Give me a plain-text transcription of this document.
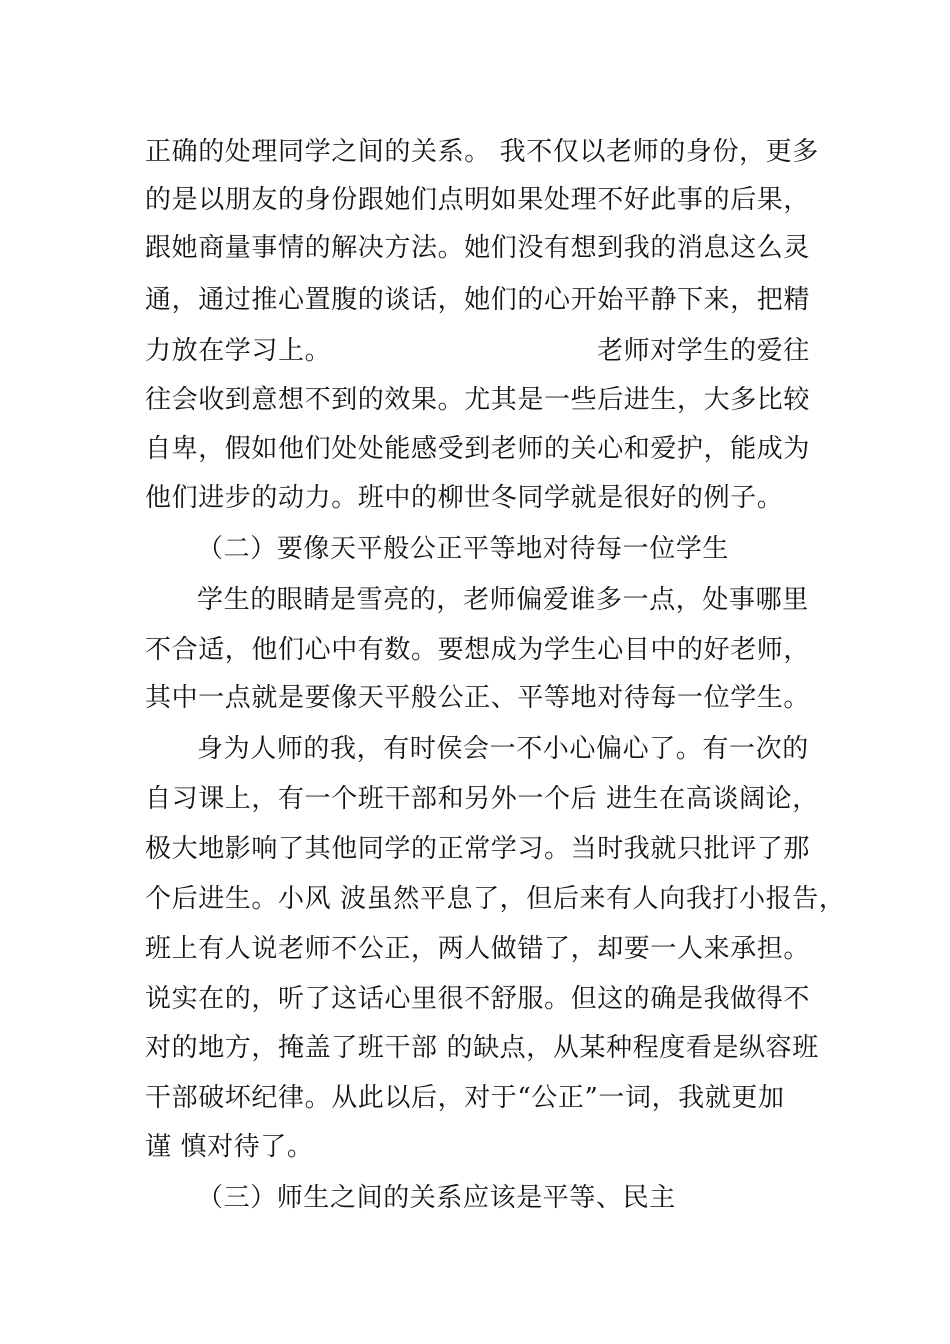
正确的处理同学之间的关系。 我不仅以老师的身份，更多
的是以朋友的身份跟她们点明如果处理不好此事的后果，
跟她商量事情的解决方法。她们没有想到我的消息这么灵
通，通过推心置腹的谈话，她们的心开始平静下来，把精
力放在学习上。	老师对学生的爱往
往会收到意想不到的效果。尤其是一些后进生，大多比较
自卑，假如他们处处能感受到老师的关心和爱护，能成为
他们进步的动力。班中的柳世冬同学就是很好的例子。
（二）要像天平般公正平等地对待每一位学生
学生的眼睛是雪亮的，老师偏爱谁多一点，处事哪里
不合适，他们心中有数。要想成为学生心目中的好老师，
其中一点就是要像天平般公正、平等地对待每一位学生。
身为人师的我，有时侯会一不小心偏心了。有一次的
自习课上，有一个班干部和另外一个后 进生在高谈阔论，
极大地影响了其他同学的正常学习。当时我就只批评了那
个后进生。小风 波虽然平息了，但后来有人向我打小报告，
班上有人说老师不公正，两人做错了，却要一人来承担。
说实在的，听了这话心里很不舒服。但这的确是我做得不
对的地方，掩盖了班干部 的缺点，从某种程度看是纵容班
干部破坏纪律。从此以后，对于“公正”一词，我就更加
谨 慎对待了。
（三）师生之间的关系应该是平等、民主
